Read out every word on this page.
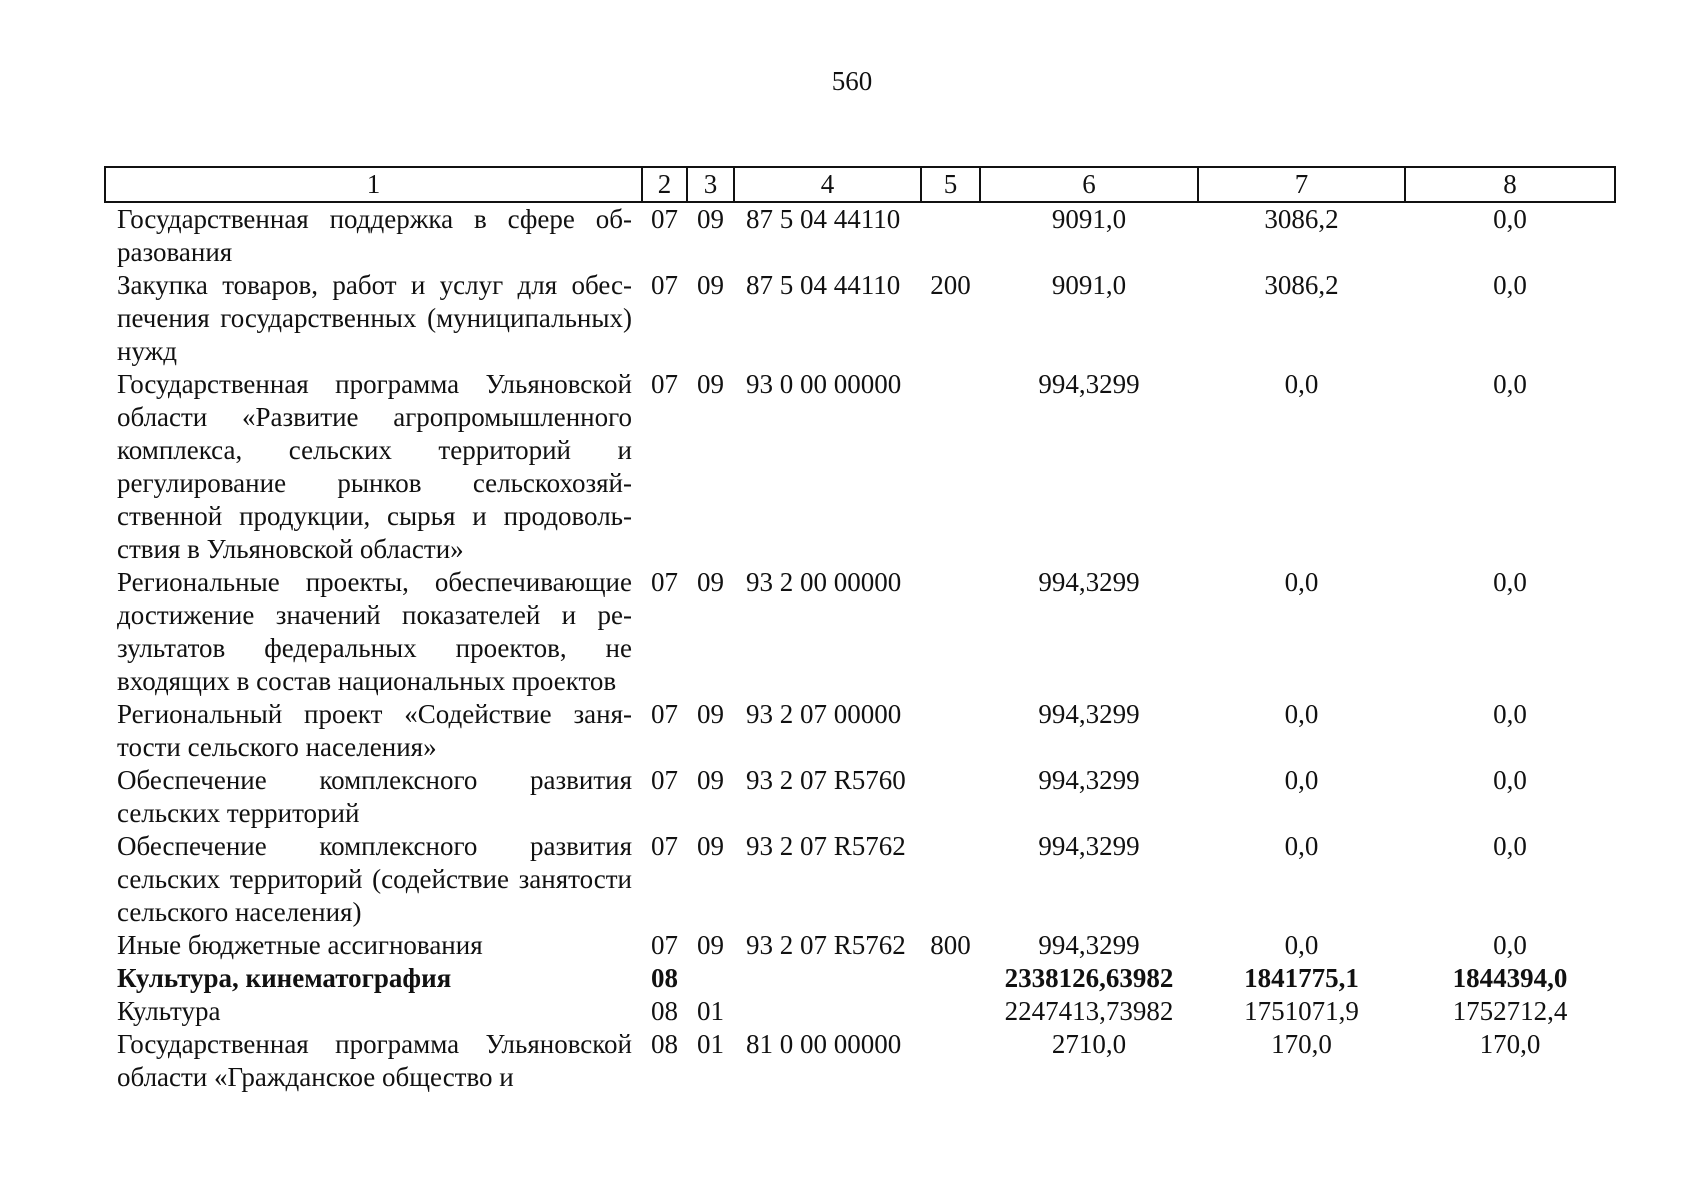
560
1	2	3	4	5	6	7	8
Государственная поддержка в сфере образования	07	09	87 5 04 44110		9091,0	3086,2	0,0
Закупка товаров, работ и услуг для обеспечения государственных (муниципальных) нужд	07	09	87 5 04 44110	200	9091,0	3086,2	0,0
Государственная программа Ульяновской области «Развитие агропромышленного комплекса, сельских территорий и регулирование рынков сельскохозяйственной продукции, сырья и продовольствия в Ульяновской области»	07	09	93 0 00 00000		994,3299	0,0	0,0
Региональные проекты, обеспечивающие достижение значений показателей и результатов федеральных проектов, не входящих в состав национальных проектов	07	09	93 2 00 00000		994,3299	0,0	0,0
Региональный проект «Содействие занятости сельского населения»	07	09	93 2 07 00000		994,3299	0,0	0,0
Обеспечение комплексного развития сельских территорий	07	09	93 2 07 R5760		994,3299	0,0	0,0
Обеспечение комплексного развития сельских территорий (содействие занятости сельского населения)	07	09	93 2 07 R5762		994,3299	0,0	0,0
Иные бюджетные ассигнования	07	09	93 2 07 R5762	800	994,3299	0,0	0,0
Культура, кинематография	08				2338126,63982	1841775,1	1844394,0
Культура	08	01			2247413,73982	1751071,9	1752712,4
Государственная программа Ульяновской области «Гражданское общество и	08	01	81 0 00 00000		2710,0	170,0	170,0
